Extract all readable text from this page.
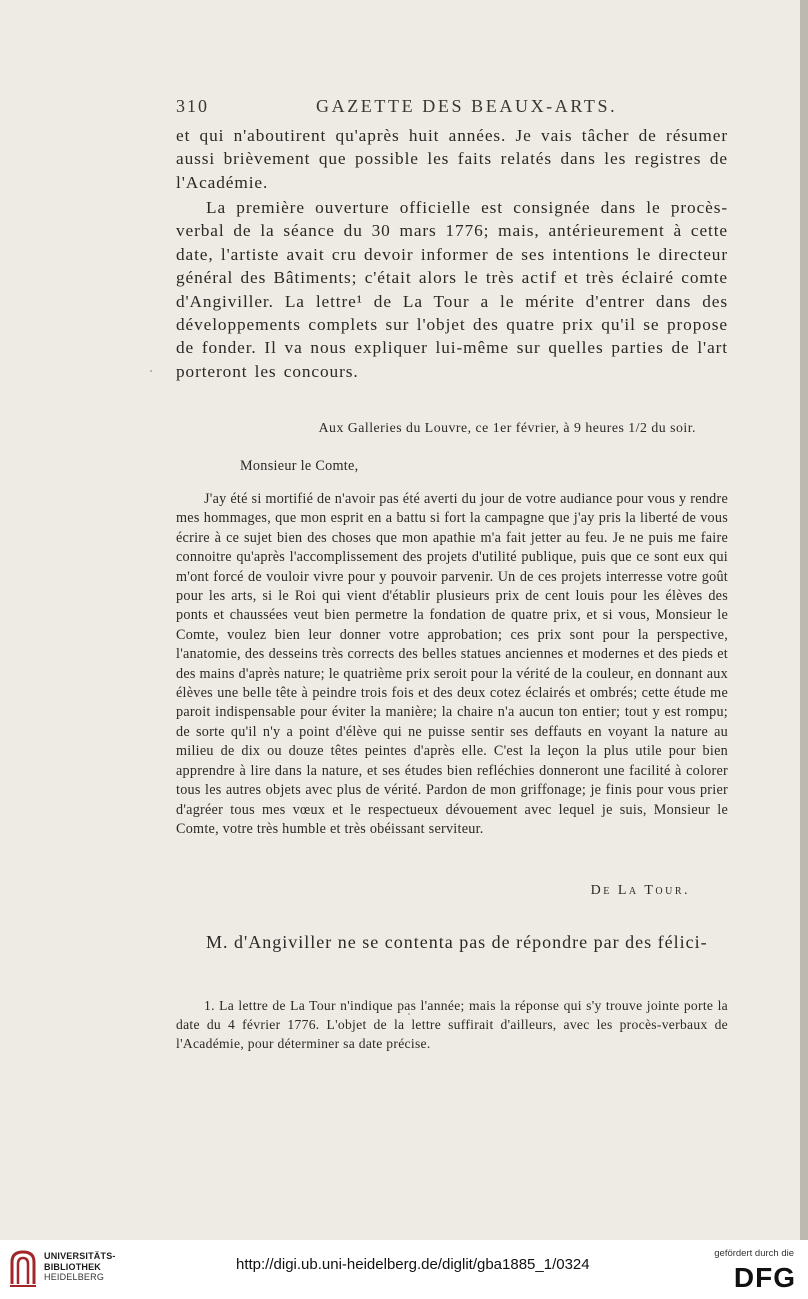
310	GAZETTE DES BEAUX-ARTS.
et qui n'aboutirent qu'après huit années. Je vais tâcher de résumer aussi brièvement que possible les faits relatés dans les registres de l'Académie.
La première ouverture officielle est consignée dans le procès-verbal de la séance du 30 mars 1776; mais, antérieurement à cette date, l'artiste avait cru devoir informer de ses intentions le directeur général des Bâtiments; c'était alors le très actif et très éclairé comte d'Angiviller. La lettre¹ de La Tour a le mérite d'entrer dans des développements complets sur l'objet des quatre prix qu'il se propose de fonder. Il va nous expliquer lui-même sur quelles parties de l'art porteront les concours.
Aux Galleries du Louvre, ce 1er février, à 9 heures 1/2 du soir.
Monsieur le Comte,
J'ay été si mortifié de n'avoir pas été averti du jour de votre audiance pour vous y rendre mes hommages, que mon esprit en a battu si fort la campagne que j'ay pris la liberté de vous écrire à ce sujet bien des choses que mon apathie m'a fait jetter au feu. Je ne puis me faire connoitre qu'après l'accomplissement des projets d'utilité publique, puis que ce sont eux qui m'ont forcé de vouloir vivre pour y pouvoir parvenir. Un de ces projets interresse votre goût pour les arts, si le Roi qui vient d'établir plusieurs prix de cent louis pour les élèves des ponts et chaussées veut bien permetre la fondation de quatre prix, et si vous, Monsieur le Comte, voulez bien leur donner votre approbation; ces prix sont pour la perspective, l'anatomie, des desseins très corrects des belles statues anciennes et modernes et des pieds et des mains d'après nature; le quatrième prix seroit pour la vérité de la couleur, en donnant aux élèves une belle tête à peindre trois fois et des deux cotez éclairés et ombrés; cette étude me paroit indispensable pour éviter la manière; la chaire n'a aucun ton entier; tout y est rompu; de sorte qu'il n'y a point d'élève qui ne puisse sentir ses deffauts en voyant la nature au milieu de dix ou douze têtes peintes d'après elle. C'est la leçon la plus utile pour bien apprendre à lire dans la nature, et ses études bien refléchies donneront une facilité à colorer tous les autres objets avec plus de vérité. Pardon de mon griffonage; je finis pour vous prier d'agréer tous mes vœux et le respectueux dévouement avec lequel je suis, Monsieur le Comte, votre très humble et très obéissant serviteur.
De La Tour.
M. d'Angiviller ne se contenta pas de répondre par des félici-
1. La lettre de La Tour n'indique pas l'année; mais la réponse qui s'y trouve jointe porte la date du 4 février 1776. L'objet de la lettre suffirait d'ailleurs, avec les procès-verbaux de l'Académie, pour déterminer sa date précise.
UNIVERSITÄTS-
BIBLIOTHEK
HEIDELBERG
http://digi.ub.uni-heidelberg.de/diglit/gba1885_1/0324
gefördert durch die
DFG
